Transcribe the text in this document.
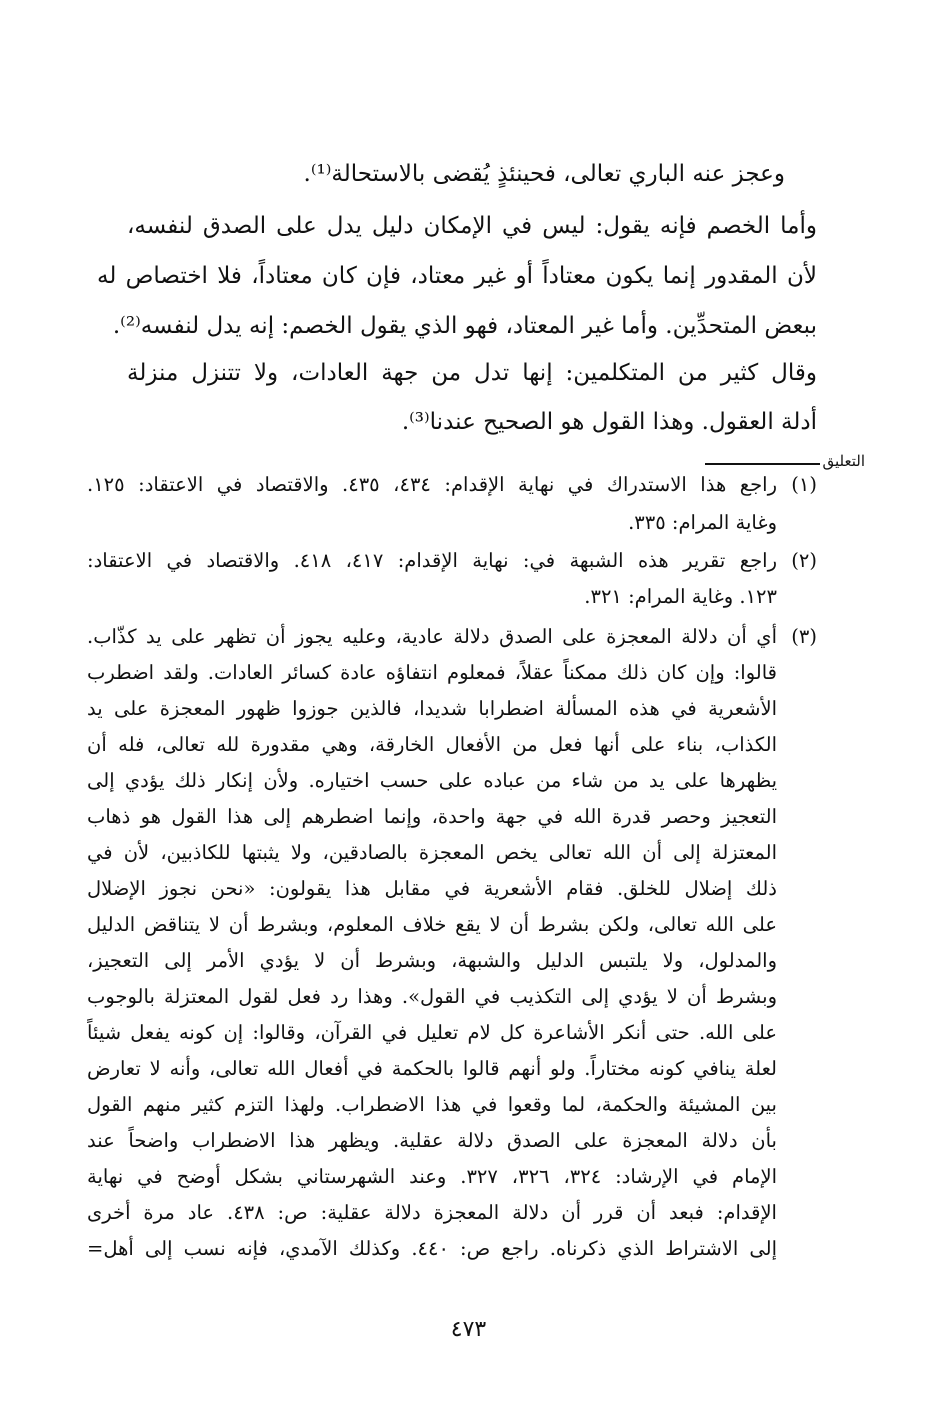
وعجز عنه الباري تعالى، فحينئذٍ يُقضى بالاستحالة⁽¹⁾.
وأما الخصم فإنه يقول: ليس في الإمكان دليل يدل على الصدق لنفسه،
لأن المقدور إنما يكون معتاداً أو غير معتاد، فإن كان معتاداً، فلا اختصاص له
ببعض المتحدِّين. وأما غير المعتاد، فهو الذي يقول الخصم: إنه يدل لنفسه⁽²⁾.
وقال كثير من المتكلمين: إنها تدل من جهة العادات، ولا تتنزل منزلة
أدلة العقول. وهذا القول هو الصحيح عندنا⁽³⁾.
التعليق
(١)
راجع هذا الاستدراك في نهاية الإقدام: ٤٣٤، ٤٣٥. والاقتصاد في الاعتقاد: ١٢٥.
وغاية المرام: ٣٣٥.
(٢)
راجع تقرير هذه الشبهة في: نهاية الإقدام: ٤١٧، ٤١٨. والاقتصاد في الاعتقاد:
١٢٣. وغاية المرام: ٣٢١.
(٣)
أي أن دلالة المعجزة على الصدق دلالة عادية، وعليه يجوز أن تظهر على يد كذّاب.
قالوا: وإن كان ذلك ممكناً عقلاً، فمعلوم انتفاؤه عادة كسائر العادات. ولقد اضطرب
الأشعرية في هذه المسألة اضطرابا شديدا، فالذين جوزوا ظهور المعجزة على يد
الكذاب، بناء على أنها فعل من الأفعال الخارقة، وهي مقدورة لله تعالى، فله أن
يظهرها على يد من شاء من عباده على حسب اختياره. ولأن إنكار ذلك يؤدي إلى
التعجيز وحصر قدرة الله في جهة واحدة، وإنما اضطرهم إلى هذا القول هو ذهاب
المعتزلة إلى أن الله تعالى يخص المعجزة بالصادقين، ولا يثبتها للكاذبين، لأن في
ذلك إضلال للخلق. فقام الأشعرية في مقابل هذا يقولون: «نحن نجوز الإضلال
على الله تعالى، ولكن بشرط أن لا يقع خلاف المعلوم، وبشرط أن لا يتناقض الدليل
والمدلول، ولا يلتبس الدليل والشبهة، وبشرط أن لا يؤدي الأمر إلى التعجيز،
وبشرط أن لا يؤدي إلى التكذيب في القول». وهذا رد فعل لقول المعتزلة بالوجوب
على الله. حتى أنكر الأشاعرة كل لام تعليل في القرآن، وقالوا: إن كونه يفعل شيئاً
لعلة ينافي كونه مختاراً. ولو أنهم قالوا بالحكمة في أفعال الله تعالى، وأنه لا تعارض
بين المشيئة والحكمة، لما وقعوا في هذا الاضطراب. ولهذا التزم كثير منهم القول
بأن دلالة المعجزة على الصدق دلالة عقلية. ويظهر هذا الاضطراب واضحاً عند
الإمام في الإرشاد: ٣٢٤، ٣٢٦، ٣٢٧. وعند الشهرستاني بشكل أوضح في نهاية
الإقدام: فبعد أن قرر أن دلالة المعجزة دلالة عقلية: ص: ٤٣٨. عاد مرة أخرى
إلى الاشتراط الذي ذكرناه. راجع ص: ٤٤٠. وكذلك الآمدي، فإنه نسب إلى أهل=
٤٧٣
